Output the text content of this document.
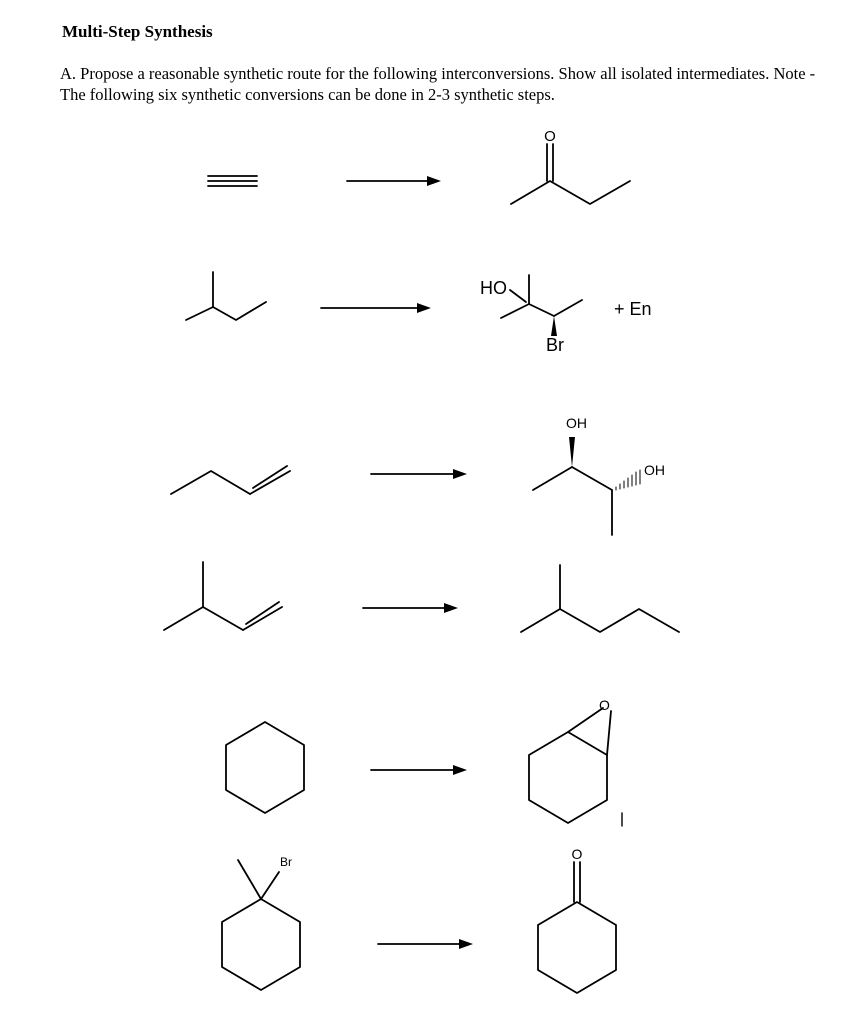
Multi-Step Synthesis
A. Propose a reasonable synthetic route for the following interconversions. Show all isolated intermediates. Note - The following six synthetic conversions can be done in 2-3 synthetic steps.
O
HO
Br
+ En
OH
OH
O
Br	O
